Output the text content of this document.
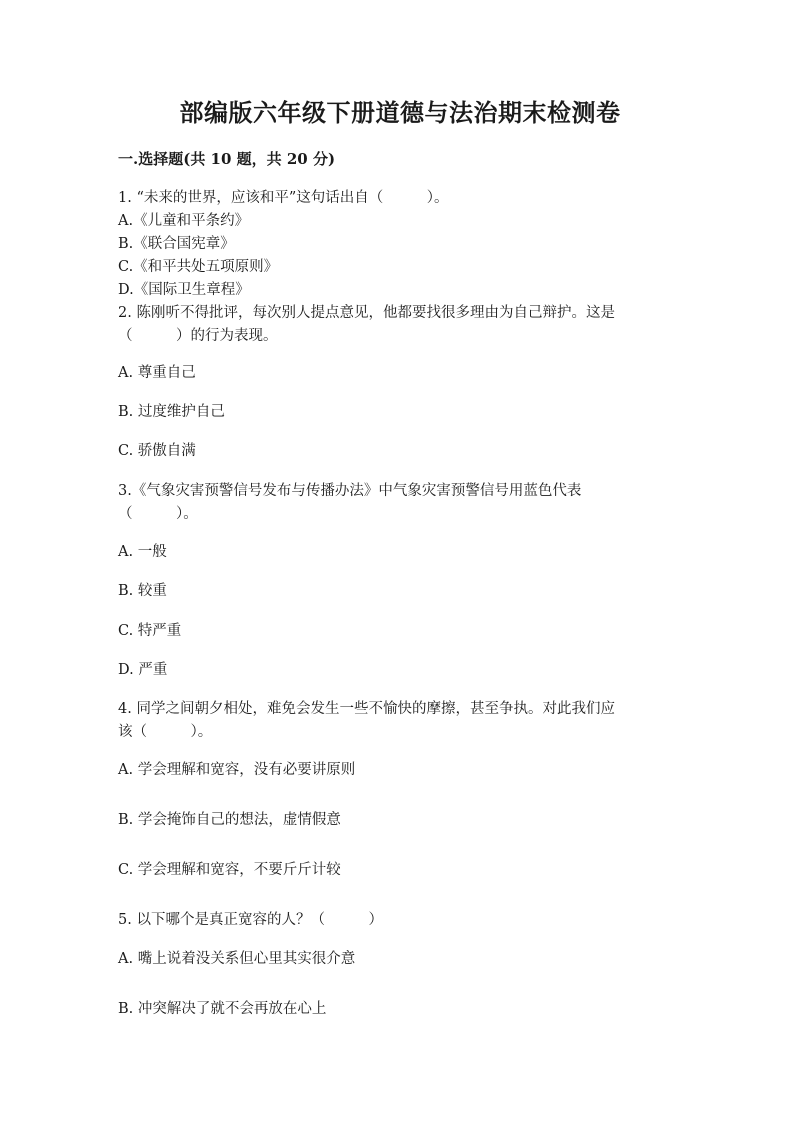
部编版六年级下册道德与法治期末检测卷
一.选择题(共 10 题，共 20 分)
1. “未来的世界，应该和平”这句话出自（　　　）。
A.《儿童和平条约》
B.《联合国宪章》
C.《和平共处五项原则》
D.《国际卫生章程》
2. 陈刚听不得批评，每次别人提点意见，他都要找很多理由为自己辩护。这是
（　　　）的行为表现。
A. 尊重自己
B. 过度维护自己
C. 骄傲自满
3.《气象灾害预警信号发布与传播办法》中气象灾害预警信号用蓝色代表
（　　　）。
A. 一般
B. 较重
C. 特严重
D. 严重
4. 同学之间朝夕相处，难免会发生一些不愉快的摩擦，甚至争执。对此我们应
该（　　　）。
A. 学会理解和宽容，没有必要讲原则
B. 学会掩饰自己的想法，虚情假意
C. 学会理解和宽容，不要斤斤计较
5. 以下哪个是真正宽容的人？（　　　）
A. 嘴上说着没关系但心里其实很介意
B. 冲突解决了就不会再放在心上
